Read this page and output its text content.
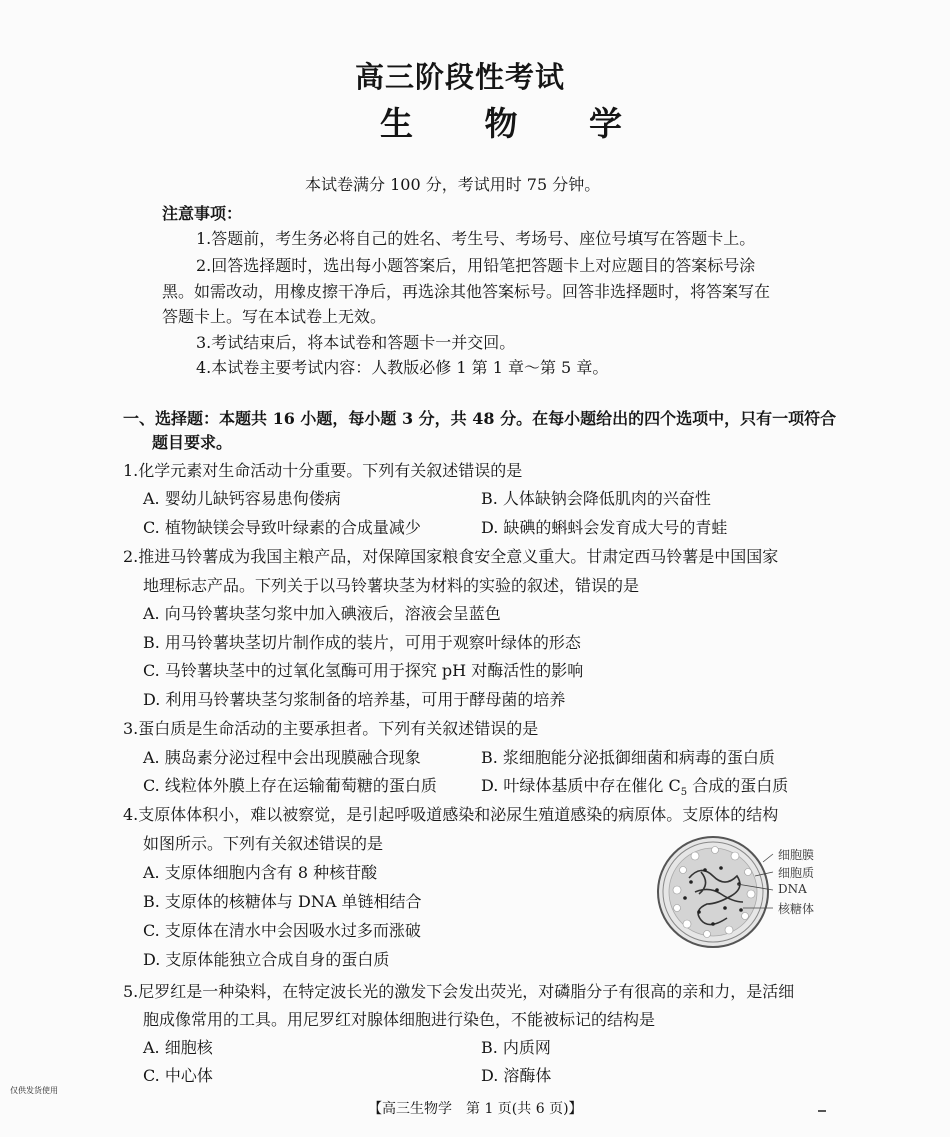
高三阶段性考试
生 物 学
本试卷满分 100 分，考试用时 75 分钟。
注意事项：
1.答题前，考生务必将自己的姓名、考生号、考场号、座位号填写在答题卡上。
2.回答选择题时，选出每小题答案后，用铅笔把答题卡上对应题目的答案标号涂
黑。如需改动，用橡皮擦干净后，再选涂其他答案标号。回答非选择题时，将答案写在
答题卡上。写在本试卷上无效。
3.考试结束后，将本试卷和答题卡一并交回。
4.本试卷主要考试内容：人教版必修 1 第 1 章～第 5 章。
一、选择题：本题共 16 小题，每小题 3 分，共 48 分。在每小题给出的四个选项中，只有一项符合
题目要求。
1.化学元素对生命活动十分重要。下列有关叙述错误的是
A. 婴幼儿缺钙容易患佝偻病	B. 人体缺钠会降低肌肉的兴奋性
C. 植物缺镁会导致叶绿素的合成量减少	D. 缺碘的蝌蚪会发育成大号的青蛙
2.推进马铃薯成为我国主粮产品，对保障国家粮食安全意义重大。甘肃定西马铃薯是中国国家
地理标志产品。下列关于以马铃薯块茎为材料的实验的叙述，错误的是
A. 向马铃薯块茎匀浆中加入碘液后，溶液会呈蓝色
B. 用马铃薯块茎切片制作成的装片，可用于观察叶绿体的形态
C. 马铃薯块茎中的过氧化氢酶可用于探究 pH 对酶活性的影响
D. 利用马铃薯块茎匀浆制备的培养基，可用于酵母菌的培养
3.蛋白质是生命活动的主要承担者。下列有关叙述错误的是
A. 胰岛素分泌过程中会出现膜融合现象	B. 浆细胞能分泌抵御细菌和病毒的蛋白质
C. 线粒体外膜上存在运输葡萄糖的蛋白质	D. 叶绿体基质中存在催化 $C_5$ 合成的蛋白质
4.支原体体积小，难以被察觉，是引起呼吸道感染和泌尿生殖道感染的病原体。支原体的结构
如图所示。下列有关叙述错误的是
A. 支原体细胞内含有 8 种核苷酸
B. 支原体的核糖体与 DNA 单链相结合
C. 支原体在清水中会因吸水过多而涨破
D. 支原体能独立合成自身的蛋白质
细胞膜
细胞质
DNA
核糖体
5.尼罗红是一种染料，在特定波长光的激发下会发出荧光，对磷脂分子有很高的亲和力，是活细
胞成像常用的工具。用尼罗红对腺体细胞进行染色，不能被标记的结构是
A. 细胞核	B. 内质网
C. 中心体	D. 溶酶体
仅供发货使用
【高三生物学　第 1 页(共 6 页)】
